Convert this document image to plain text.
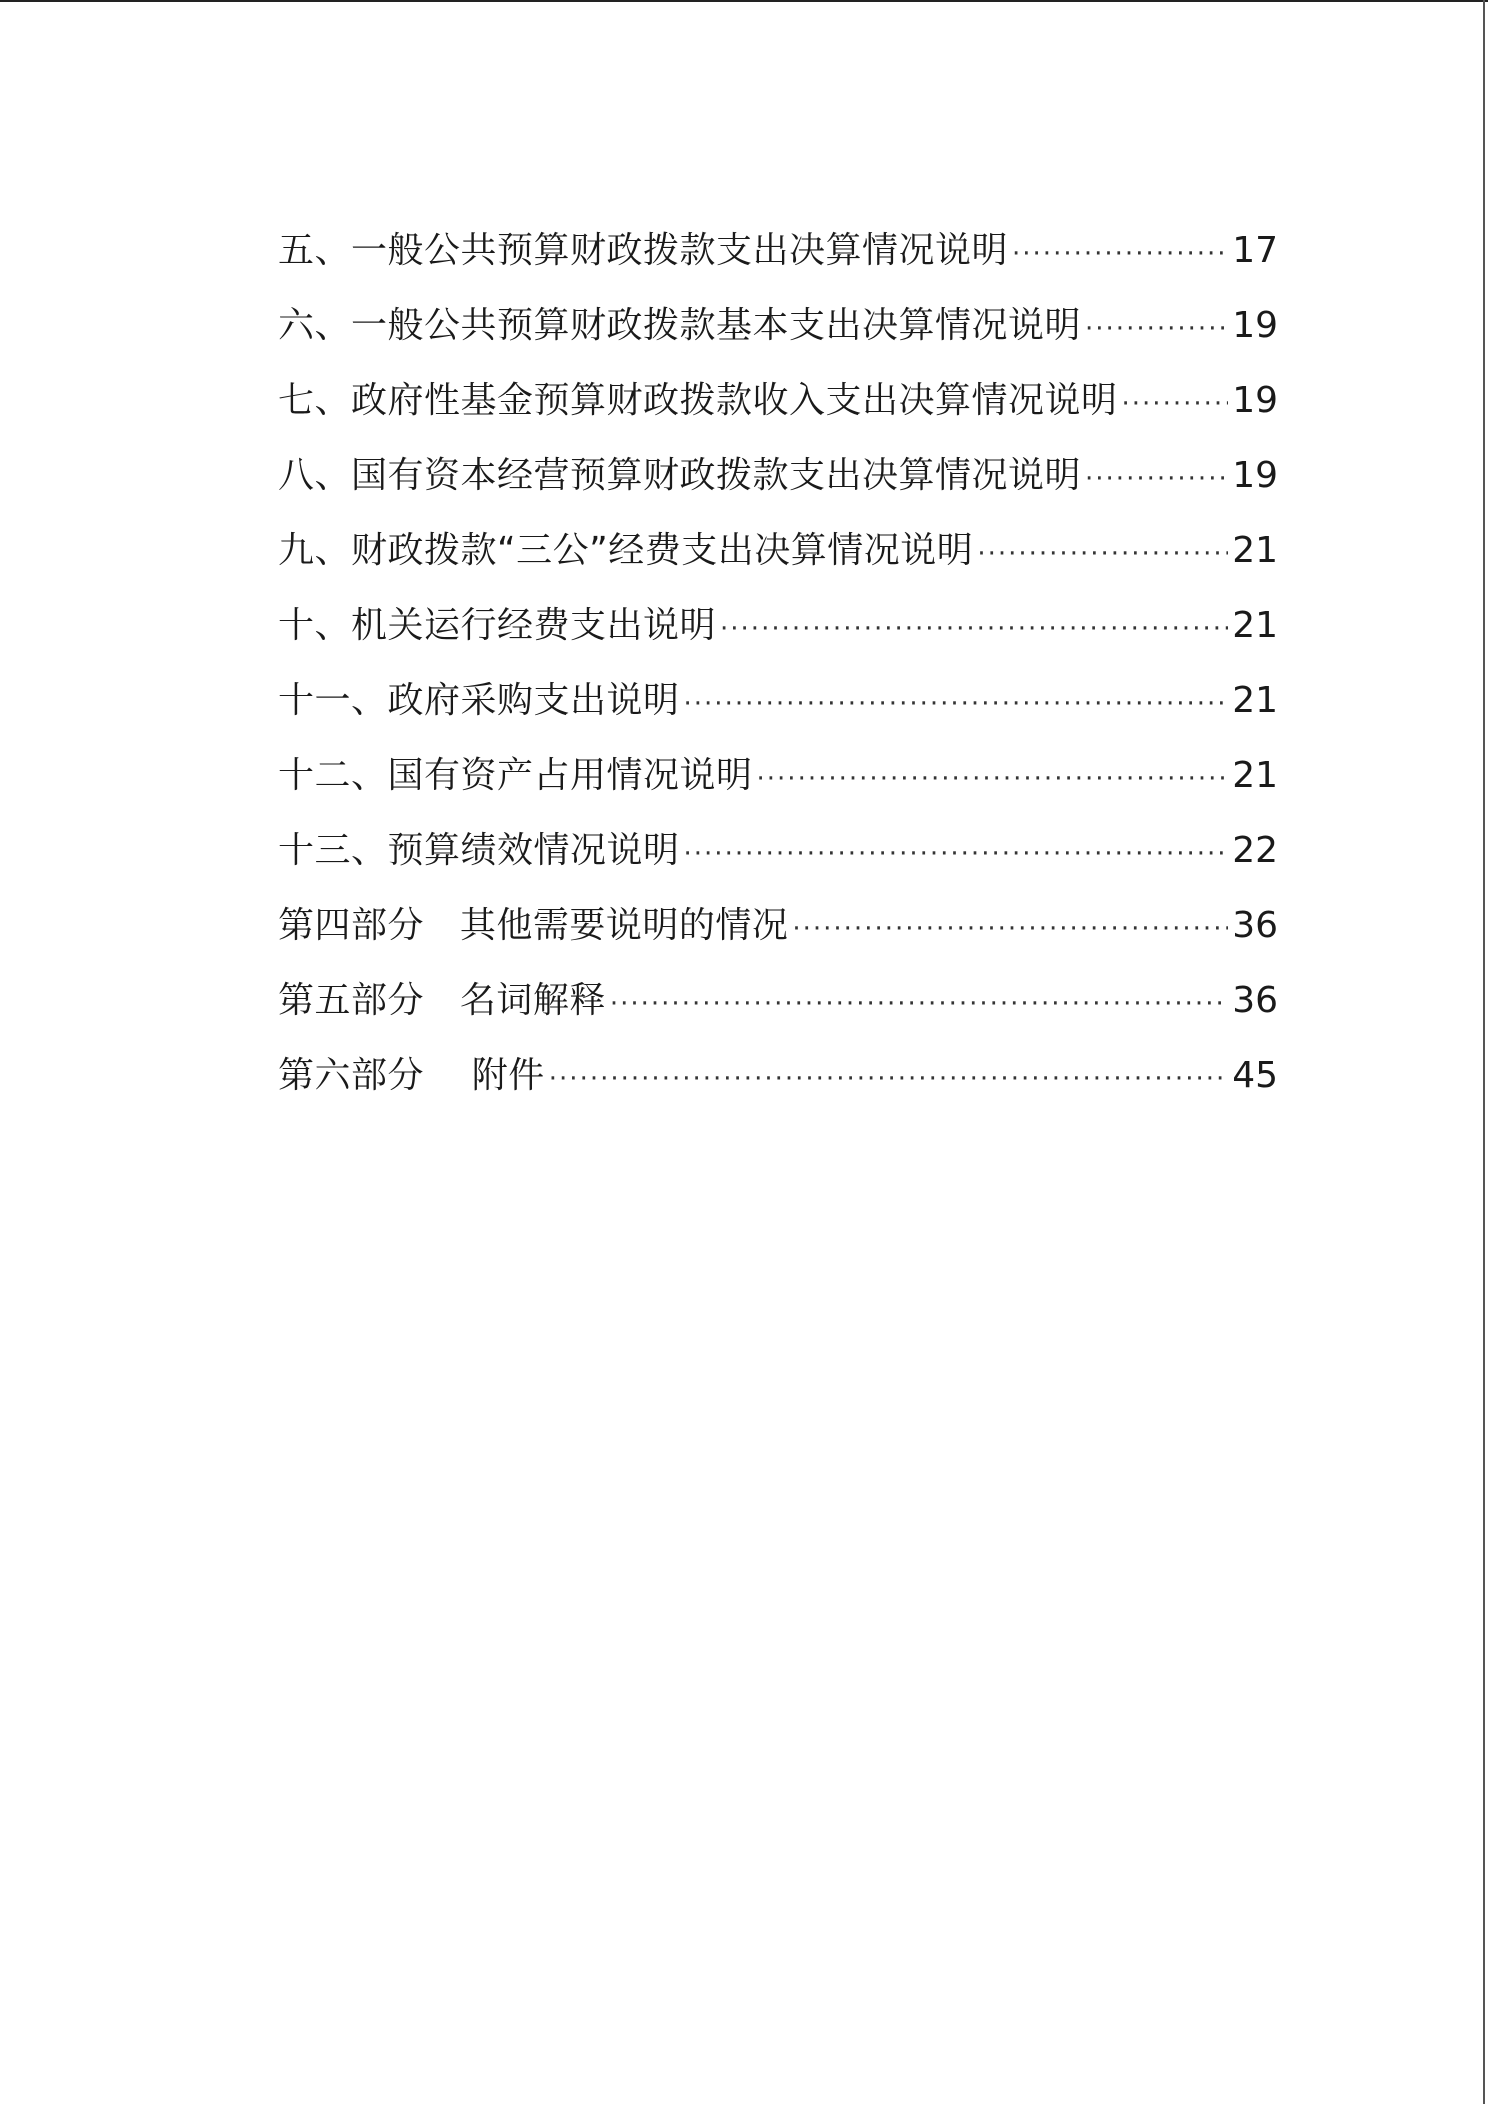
五、一般公共预算财政拨款支出决算情况说明 ·····	17
六、一般公共预算财政拨款基本支出决算情况说明 ·····	19
七、政府性基金预算财政拨款收入支出决算情况说明 ·····	19
八、国有资本经营预算财政拨款支出决算情况说明 ·····	19
九、财政拨款“三公”经费支出决算情况说明 ·····	21
十、机关运行经费支出说明 ·····	21
十一、政府采购支出说明 ·····	21
十二、国有资产占用情况说明 ·····	21
十三、预算绩效情况说明 ·····	22
第四部分   其他需要说明的情况 ·····	36
第五部分   名词解释 ·····	36
第六部分    附件 ·····	45
